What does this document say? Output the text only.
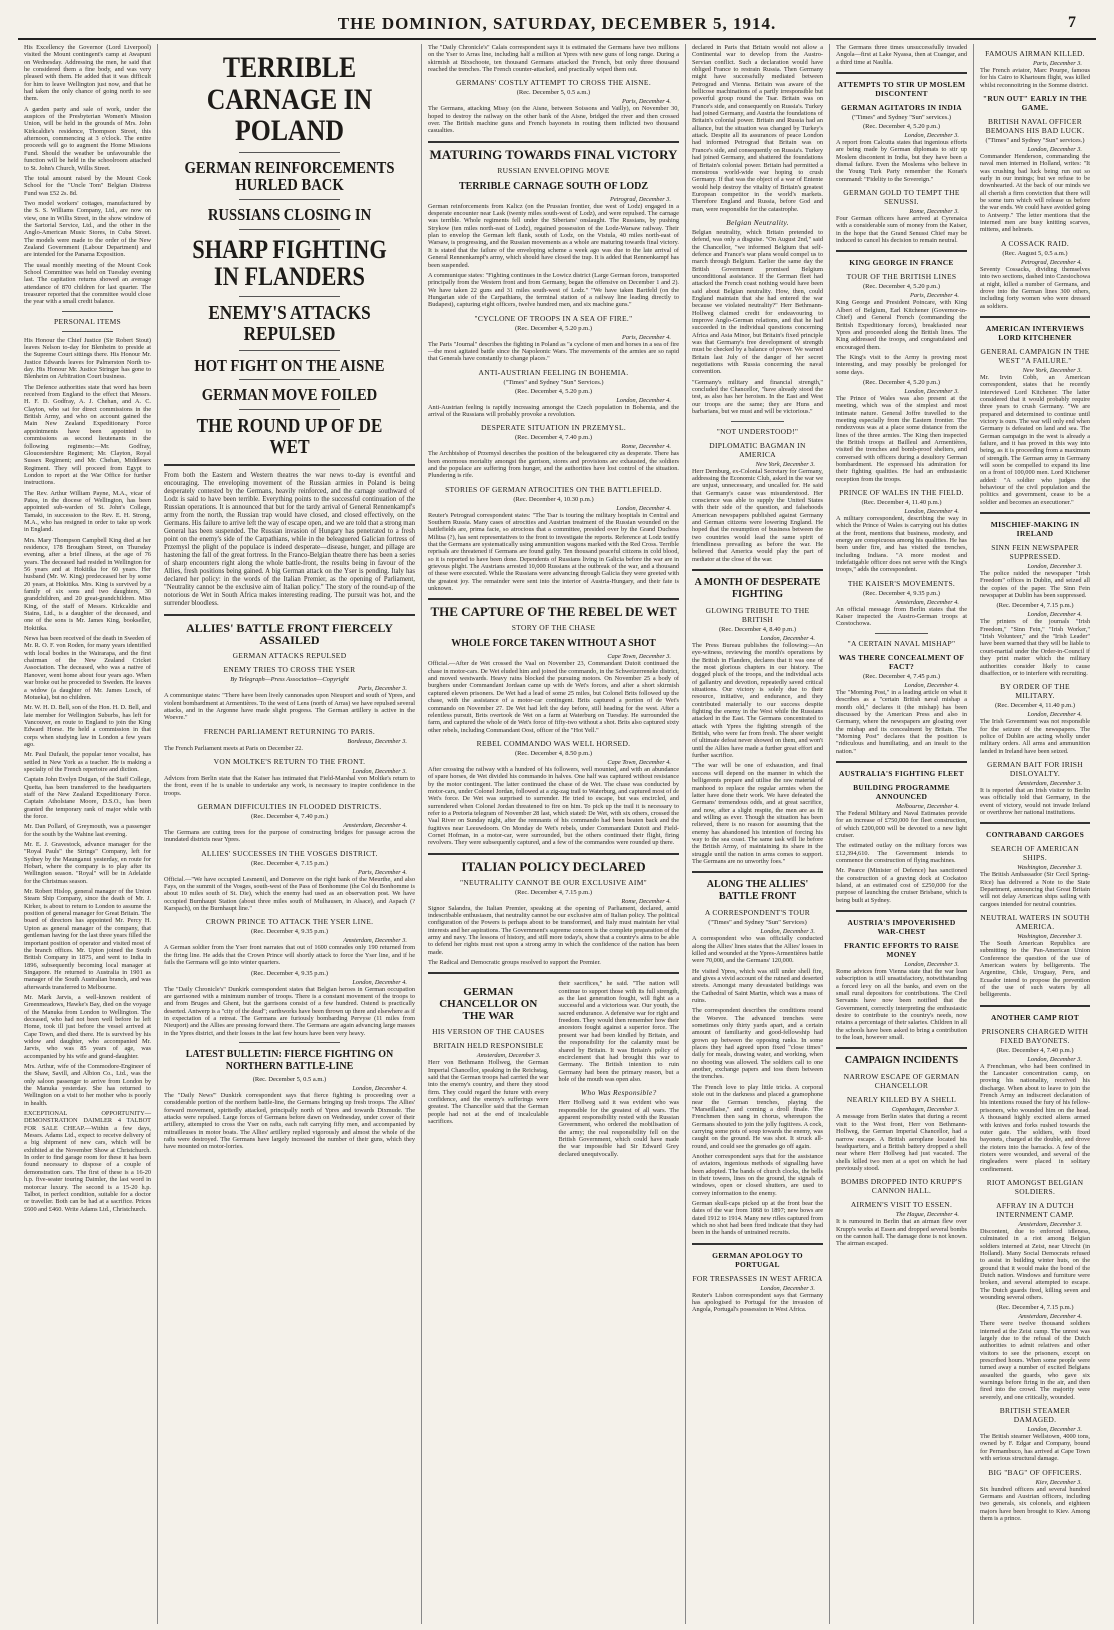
THE DOMINION, SATURDAY, DECEMBER 5, 1914.	7

His Excellency the Governor (Lord Liverpool) visited the Mount contingent's camp at Awapuni on Wednesday. Addressing the men, he said that he considered them a fine body, and was very pleased with them. He added that it was difficult for him to leave Wellington just now, and that he had taken the only chance of going north to see them.

A garden party and sale of work, under the auspices of the Presbyterian Women's Mission Union, will be held in the grounds of Mrs. John Kirkcaldie's residence, Thompson Street, this afternoon, commencing at 3 o'clock. The entire proceeds will go to augment the Home Missions Fund. Should the weather be unfavourable the function will be held in the schoolroom attached to St. John's Church, Willis Street.

The total amount raised by the Mount Cook School for the "Uncle Tom" Belgian Distress Fund was £52 2s. 8d.

Two model workers' cottages, manufactured by the S. S. Williams Company, Ltd., are now on view, one in Willis Street, in the show window of the Sartorial Service, Ltd., and the other in the Anglo-American Music Stores, in Cuba Street. The models were made to the order of the New Zealand Government (Labour Department) and are intended for the Panama Exposition.

The usual monthly meeting of the Mount Cook School Committee was held on Tuesday evening last. The capitation returns showed an average attendance of 870 children for last quarter. The treasurer reported that the committee would close the year with a small credit balance.

PERSONAL ITEMS

His Honour the Chief Justice (Sir Robert Stout) leaves Nelson to-day for Blenheim to preside at the Supreme Court sittings there. His Honour Mr. Justice Edwards leaves for Palmerston North to-day. His Honour Mr. Justice Stringer has gone to Blenheim on Arbitration Court business.

The Defence authorities state that word has been received from England to the effect that Messrs. H. F. D. Godfray, A. J. Chehan, and A. C. Clayton, who sat for direct commissions in the British Army, and who on account gained the Main New Zealand Expeditionary Force appointments have been appointed to commissions as second lieutenants in the following regiments:—Mr. Godfray, Gloucestershire Regiment; Mr. Clayton, Royal Sussex Regiment; and Mr. Chehan, Middlesex Regiment. They will proceed from Egypt to London to report at the War Office for further instructions.

The Rev. Arthur William Payne, M.A., vicar of Patea, in the diocese of Wellington, has been appointed sub-warden of St. John's College, Tamaki, in succession to the Rev. E. H. Strong, M.A., who has resigned in order to take up work in England.

Mrs. Mary Thompson Campbell King died at her residence, 178 Brougham Street, on Thursday evening, after a brief illness, at the age of 76 years. The deceased had resided in Wellington for 56 years and at Hokitika for 60 years. Her husband (Mr. W. King) predeceased her by some 20 years, at Hokitika. Mrs. King is survived by a family of six sons and two daughters, 30 grandchildren, and 20 great-grandchildren. Miss King, of the staff of Messrs. Kirkcaldie and Stains, Ltd., is a daughter of the deceased, and one of the sons is Mr. James King, bookseller, Hokitika.

News has been received of the death in Sweden of Mr. R. O. F. von Roden, for many years identified with local bodies in the Wairarapa, and the first chairman of the New Zealand Cricket Association. The deceased, who was a native of Hanover, went home about four years ago. When war broke out he proceeded to Sweden. He leaves a widow (a daughter of Mr. James Losch, of Motueka), but no children.

Mr. W. H. D. Bell, son of the Hon. H. D. Bell, and late member for Wellington Suburbs, has left for Vancouver, en route to England to join the King Edward Horse. He held a commission in that corps when studying law in London a few years ago.

Mr. Paul Dufault, the popular tenor vocalist, has settled in New York as a teacher. He is making a specialty of the French repertoire and diction.

Captain John Evelyn Duigan, of the Staff College, Quetta, has been transferred to the headquarters staff of the New Zealand Expeditionary Force. Captain Atholstane Moore, D.S.O., has been granted the temporary rank of major while with the force.

Mr. Dan Pollard, of Greymouth, was a passenger for the south by the Wahine last evening.

Mr. E. J. Gravestock, advance manager for the "Royal Pauls" the Strings" Company, left for Sydney by the Maunganui yesterday, en route for Hobart, where the company is to play after its Wellington season. "Royal" will be in Adelaide for the Christmas season.

Mr. Robert Hislop, general manager of the Union Steam Ship Company, since the death of Mr. J. Kirker, is about to return to London to assume the position of general manager for Great Britain. The board of directors has appointed Mr. Percy H. Upton as general manager of the company, that gentleman having for the last three years filled the important position of operator and visited most of the branch offices. Mr. Upton joined the South British Company in 1875, and went to India in 1896, subsequently becoming local manager at Singapore. He returned to Australia in 1901 as manager of the South Australian branch, and was afterwards transferred to Melbourne.

Mr. Mark Jarvis, a well-known resident of Greenmeadows, Hawke's Bay, died on the voyage of the Manuka from London to Wellington. The deceased, who had not been well before he left Home, took ill just before the vessel arrived at Cape Town, and died there. He is survived by his widow and daughter, who accompanied Mr. Jarvis, who was 85 years of age, was accompanied by his wife and grand-daughter.

Mrs. Arthur, wife of the Commodore-Engineer of the Shaw, Savill, and Albion Co., Ltd., was the only saloon passenger to arrive from London by the Manuka yesterday. She has returned to Wellington on a visit to her mother who is poorly in health.

EXCEPTIONAL OPPORTUNITY—DEMONSTRATION DAIMLER 4 TALBOT FOR SALE CHEAP.—Within a few days, Messrs. Adams Ltd., expect to receive delivery of a big shipment of new cars, which will be exhibited at the November Show at Christchurch. In order to find garage room for these it has been found necessary to dispose of a couple of demonstration cars. The first of these is a 16-20 h.p. five-seater touring Daimler, the last word in motorcar luxury. The second is a 15-20 h.p. Talbot, in perfect condition, suitable for a doctor or traveller. Both can be had at a sacrifice. Prices £600 and £460. Write Adams Ltd., Christchurch.

TERRIBLE CARNAGE IN POLAND
GERMAN REINFORCEMENTS HURLED BACK
RUSSIANS CLOSING IN
SHARP FIGHTING IN FLANDERS
ENEMY'S ATTACKS REPULSED
HOT FIGHT ON THE AISNE
GERMAN MOVE FOILED
THE ROUND UP OF DE WET

From both the Eastern and Western theatres the war news to-day is eventful and encouraging. The enveloping movement of the Russian armies in Poland is being desperately contested by the Germans, heavily reinforced, and the carnage southward of Lodz is said to have been terrible. Everything points to the successful continuation of the Russian operations. It is announced that but for the tardy arrival of General Rennenkampf's army from the north, the Russian trap would have closed, and closed effectively, on the Germans. His failure to arrive left the way of escape open, and we are told that a strong man General has been suspended. The Russian invasion of Hungary has penetrated to a fresh point on the enemy's side of the Carpathians, while in the beleaguered Galician fortress of Przemysl the plight of the populace is indeed desperate—disease, hunger, and pillage are hastening the fall of the great fortress. In the Franco-Belgian theatre there has been a series of sharp encounters right along the whole battle-front, the results being in favour of the Allies, fresh positions being gained. A big German attack on the Yser is pending. Italy has declared her policy: in the words of the Italian Premier, as the opening of Parliament, "Neutrality cannot be the exclusive aim of Italian policy." The story of the round-up of the notorious de Wet in South Africa makes interesting reading. The pursuit was hot, and the surrender bloodless.

ALLIES' BATTLE FRONT FIERCELY ASSAILED
GERMAN ATTACKS REPULSED
ENEMY TRIES TO CROSS THE YSER
By Telegraph—Press Association—Copyright
Paris, December 3.

A communique states: "There have been lively cannonades upon Nieuport and south of Ypres, and violent bombardment at Armentières. To the west of Lens (north of Arras) we have repulsed several attacks, and in the Argonne have made slight progress. The German artillery is active in the Woevre."

FRENCH PARLIAMENT RETURNING TO PARIS.
Bordeaux, December 3.

The French Parliament meets at Paris on December 22.

VON MOLTKE'S RETURN TO THE FRONT.
London, December 3.

Advices from Berlin state that the Kaiser has intimated that Field-Marshal von Moltke's return to the front, even if he is unable to undertake any work, is necessary to inspire confidence in the troops.

GERMAN DIFFICULTIES IN FLOODED DISTRICTS.
(Rec. December 4, 7.40 p.m.)
Amsterdam, December 4.

The Germans are cutting trees for the purpose of constructing bridges for passage across the inundated districts near Ypres.

ALLIES' SUCCESSES IN THE VOSGES DISTRICT.
(Rec. December 4, 7.15 p.m.)
Paris, December 4.

Official.—"We have occupied Lesmenil, and Domevre on the right bank of the Meurthe, and also Fays, on the summit of the Vosges, south-west of the Pass of Bonhomme (the Col du Bonhomme is about 10 miles south of St. Die), which the enemy had used as an observation post. We have occupied Burnhaupt Station (about three miles south of Mulhausen, in Alsace), and Aspach (? Karspach), on the Burnhaupt line."

CROWN PRINCE TO ATTACK THE YSER LINE.
(Rec. December 4, 9.35 p.m.)
Amsterdam, December 3.

A German soldier from the Yser front narrates that out of 1600 comrades only 190 returned from the firing line. He adds that the Crown Prince will shortly attack to force the Yser line, and if he fails the Germans will go into winter quarters.

(Rec. December 4, 9.35 p.m.)
London, December 4.

The "Daily Chronicle's" Dunkirk correspondent states that Belgian heroes in German occupation are garrisoned with a minimum number of troops. There is a constant movement of the troops to and from Bruges and Ghent, but the garrisons consist of a few hundred. Ostend is practically deserted. Antwerp is a "city of the dead"; earthworks have been thrown up there and elsewhere as if in expectation of a retreat. The Germans are furiously bombarding Pervyse (11 miles from Nieuport) and the Allies are pressing forward there. The Germans are again advancing large masses in the Ypres district, and their losses in the last few hours have been very heavy.

LATEST BULLETIN: FIERCE FIGHTING ON NORTHERN BATTLE-LINE
(Rec. December 5, 0.5 a.m.)
London, December 4.

The "Daily News'" Dunkirk correspondent says that fierce fighting is proceeding over a considerable portion of the northern battle-line, the Germans bringing up fresh troops. The Allies' forward movement, spiritedly attacked, principally north of Ypres and towards Dixmude. The attacks were repulsed. Large forces of Germans before dawn on Wednesday, under cover of their artillery, attempted to cross the Yser on rafts, each raft carrying fifty men, and accompanied by mitrailleuses in motor boats. The Allies' artillery replied vigorously and almost the whole of the rafts were destroyed. The Germans have largely increased the number of their guns, which they have mounted on motor-lorries.

The "Daily Chronicle's" Calais correspondent says it is estimated the Germans have two millions on the Yser to Arras line, including half a million at Ypres with new guns of long range. During a skirmish at Bixschoote, ten thousand Germans attacked the French, but only three thousand reached the trenches. The French counter-attacked, and practically wiped them out.

GERMANS' COSTLY ATTEMPT TO CROSS THE AISNE.
(Rec. December 5, 0.5 a.m.)
Paris, December 4.

The Germans, attacking Missy (on the Aisne, between Soissons and Vailly), on November 30, hoped to destroy the railway on the other bank of the Aisne, bridged the river and then crossed over. The British machine guns and French bayonets in routing them inflicted two thousand casualties.

MATURING TOWARDS FINAL VICTORY
RUSSIAN ENVELOPING MOVE
TERRIBLE CARNAGE SOUTH OF LODZ
Petrograd, December 3.

German reinforcements from Kalicz (on the Prussian frontier, due west of Lodz) engaged in a desperate encounter near Lask (twenty miles south-west of Lodz), and were repulsed. The carnage was terrible. Whole regiments fell under the Siberians' onslaught. The Russians, by pushing Strykow (ten miles north-east of Lodz), regained possession of the Lodz-Warsaw railway. Their plan to envelop the German left flank, south of Lodz, on the Vistula, 40 miles north-east of Warsaw, is progressing, and the Russian movements as a whole are maturing towards final victory. It is stated that the failure of the enveloping scheme a week ago was due to the late arrival of General Rennenkampf's army, which should have closed the trap. It is added that Rennenkampf has been suspended.

A communique states: "Fighting continues in the Lowicz district (Large German forces, transported principally from the Western front and from Germany, began the offensive on December 1 and 2). We have taken 22 guns and 31 miles south-west of Lodz." "We have taken Bartfeld (on the Hungarian side of the Carpathians, the terminal station of a railway line leading directly to Budapest), capturing eight officers, twelve hundred men, and six machine guns."

"CYCLONE OF TROOPS IN A SEA OF FIRE."
(Rec. December 4, 5.20 p.m.)
Paris, December 4.

The Paris "Journal" describes the fighting in Poland as "a cyclone of men and horses in a sea of fire—the most agitated battle since the Napoleonic Wars. The movements of the armies are so rapid that Generals have constantly to change places."

ANTI-AUSTRIAN FEELING IN BOHEMIA.
("Times" and Sydney "Sun" Services.)
(Rec. December 4, 5.20 p.m.)
London, December 4.

Anti-Austrian feeling is rapidly increasing amongst the Czech population in Bohemia, and the arrival of the Russians will probably provoke a revolution.

DESPERATE SITUATION IN PRZEMYSL.
(Rec. December 4, 7.40 p.m.)
Rome, December 4.

The Archbishop of Przemysl describes the position of the beleaguered city as desperate. There has been enormous mortality amongst the garrison, stores and provisions are exhausted, the soldiers and the populace are suffering from hunger, and the authorities have lost control of the situation. Plundering is rife.

STORIES OF GERMAN ATROCITIES ON THE BATTLEFIELD.
(Rec. December 4, 10.30 p.m.)
London, December 4.

Reuter's Petrograd correspondent states: "The Tsar is touring the military hospitals in Central and Southern Russia. Many cases of atrocities and Austrian treatment of the Russian wounded on the battlefields are, prima facie, so atrocious that a committee, presided over by the Grand Duchess Militsa (?), has sent representatives to the front to investigate the reports. Reference at Lodz testify that the Germans are systematically using ammunition wagons marked with the Red Cross. Terrible reprisals are threatened if Germans are found guilty. Ten thousand peaceful citizens in cold blood, so it is reported to have been done. Dependents of Russians living in Galicia before the war are in grievous plight. The Austrians arrested 10,000 Russians at the outbreak of the war, and a thousand of these were executed. While the Russians were advancing through Galicia they were greeted with the greatest joy. The remainder were sent into the interior of Austria-Hungary, and their fate is unknown.

THE CAPTURE OF THE REBEL DE WET
STORY OF THE CHASE
WHOLE FORCE TAKEN WITHOUT A SHOT
Cape Town, December 3.

Official.—After de Wet crossed the Vaal on November 23, Commandant Dutoit continued the chase in motor-cars. De Wet eluded him and joined the commando, in the Schweizerreneke district, and moved westwards. Heavy rains blocked the pursuing motors. On November 25 a body of burghers under Commandant Jordaan came up with de Wet's forces, and after a short skirmish captured eleven prisoners. De Wet had a lead of some 25 miles, but Colonel Brits followed up the chase, with the assistance of a motor-car contingent. Brits captured a portion of de Wet's commando on November 27. De Wet had left the day before, still heading for the west. After a relentless pursuit, Brits overtook de Wet on a farm at Waterburg on Tuesday. He surrounded the farm, and captured the whole of de Wet's force of fifty-two without a shot. Brits also captured sixty other rebels, including Commandant Oost, officer of the "Hot Yell."

REBEL COMMANDO WAS WELL HORSED.
(Rec. December 4, 8.50 p.m.)
Cape Town, December 4.

After crossing the railway with a hundred of his followers, well mounted, and with an abundance of spare horses, de Wet divided his commando in halves. One half was captured without resistance by the motor contingent. The latter continued the chase of de Wet. The chase was conducted by motor-cars, under Colonel Jordan, followed at a zig-zag trail to Waterburg, and captured most of de Wet's force. De Wet was surprised to surrender. He tried to escape, but was encircled, and surrendered when Colonel Jordan threatened to fire on him. To pick up the trail it is necessary to refer to a Pretoria telegram of November 28 last, which stated: De Wet, with six others, crossed the Vaal River on Sunday night, after the remnants of his commando had been beaten back and the fugitives near Leeuwdoorn. On Monday de Wet's rebels, under Commandant Dutoit and Field-Cornet Hofman, in a motor-car, were surrounded, but the others continued their flight, firing revolvers. They were subsequently captured, and a few of the commandos were rounded up there.

ITALIAN POLICY DECLARED
"NEUTRALITY CANNOT BE OUR EXCLUSIVE AIM"
(Rec. December 4, 7.15 p.m.)
Rome, December 4.

Signor Salandra, the Italian Premier, speaking at the opening of Parliament, declared, amid indescribable enthusiasm, that neutrality cannot be our exclusive aim of Italian policy. The political configuration of the Powers is perhaps about to be transformed, and Italy must maintain her vital interests and her aspirations. The Government's supreme concern is the complete preparation of the army and navy. The lessons of history, and still more today's, show that a country's aims to be able to defend her rights must rest upon a strong army in which the confidence of the nation has been made.

The Radical and Democratic groups resolved to support the Premier.

GERMAN CHANCELLOR ON THE WAR
HIS VERSION OF THE CAUSES
BRITAIN HELD RESPONSIBLE
Amsterdam, December 3.

Herr von Bethmann Hollweg, the German Imperial Chancellor, speaking in the Reichstag, said that the German troops had carried the war into the enemy's country, and there they stood firm. They could regard the future with every confidence, and the enemy's sufferings were greatest. The Chancellor said that the German people had not at the end of incalculable sacrifices.

their sacrifices," he said. "The nation will continue to support those with its full strength, as the last generation fought, will fight as a successful and a victorious war. Our youth, the sacred endurance. A defensive war for right and freedom. They would then remember how their ancestors fought against a superior force. The present war had been kindled by Britain, and the responsibility for the calamity must be shared by Britain. It was Britain's policy of encirclement that had brought this war to Germany. The British intention to ruin Germany had been the primary reason, but a hole of the mouth was open also.

Who Was Responsible?

Herr Hollweg said it was evident who was responsible for the greatest of all wars. The apparent responsibility rested with the Russian Government, who ordered the mobilisation of the army; the real responsibility fell on the British Government, which could have made the war impossible had Sir Edward Grey declared unequivocally.

declared in Paris that Britain would not allow a Continental war to develop from the Austro-Servian conflict. Such a declaration would have obliged France to restrain Russia. Then Germany might have successfully mediated between Petrograd and Vienna. Britain was aware of the bellicose machinations of a partly irresponsible but powerful group round the Tsar. Britain was on France's side, and consequently on Russia's. Turkey had joined Germany, and Austria the foundations of Britain's colonial power. Britain and Russia had an alliance, but the situation was changed by Turkey's attack. Despite all its assurances of peace London had informed Petrograd that Britain was on France's side, and consequently on Russia's. Turkey had joined Germany, and shattered the foundations of Britain's colonial power. Britain had permitted a monstrous world-wide war hoping to crush Germany. If that was the object of a war of Entente would help destroy the vitality of Britain's greatest European competitor in the world's markets. Therefore England and Russia, before God and man, were responsible for the catastrophe.

Belgian Neutrality.

Belgian neutrality, which Britain pretended to defend, was only a disguise. "On August 2nd," said the Chancellor, "we informed Belgium that self-defence and France's war plans would compel us to march through Belgium. Earlier the same day the British Government promised Belgium unconditional assistance. If the German fleet had attacked the French coast nothing would have been said about Belgian neutrality. How, then, could England maintain that she had entered the war because we violated neutrality?" Herr Bethmann-Hollweg claimed credit for endeavouring to improve Anglo-German relations, and that he had succeeded in the individual questions concerning Africa and Asia Minor, but Britain's fixed principle was that Germany's free development of strength must be checked by a balance of power. We warned Britain last July of the danger of her secret negotiations with Russia concerning the naval convention.

"Germany's military and financial strength," concluded the Chancellor, "have already stood the test, as also has her heroism. In the East and West our troops are the same; they are Huns and barbarians, but we must and will be victorious."

"NOT UNDERSTOOD!"
DIPLOMATIC BAGMAN IN AMERICA
New York, December 3.

Herr Dernburg, ex-Colonial Secretary for Germany, addressing the Economic Club, asked in the war we are unjust, unnecessary, and uncalled for. He said that Germany's cause was misunderstood. Her conscience was able to supply the United States with their side of the question, and falsehoods American newspapers published against Germany and German citizens were lowering England. He hoped that the resumption of business between the two countries would lead the same spirit of friendliness prevailing as before the war. He believed that America would play the part of mediator at the close of the war.

A MONTH OF DESPERATE FIGHTING
GLOWING TRIBUTE TO THE BRITISH
(Rec. December 4, 8.40 p.m.)
London, December 4.

The Press Bureau publishes the following:—An eye-witness, reviewing the month's operations by the British in Flanders, declares that it was one of the most glorious chapters in our history. The dogged pluck of the troops, and the individual acts of gallantry and devotion, repeatedly saved critical situations. Our victory is solely due to their resource, initiative, and endurance, and they contributed materially to our success despite fighting the enemy in the West while the Russians attacked in the East. The Germans concentrated to attack with Ypres the fighting strength of the British, who were far from fresh. The sheer weight of ultimate defeat never showed on them, and won't until the Allies have made a further great effort and further sacrifice.

"The war will be one of exhaustion, and final success will depend on the manner in which the belligerents prepare and utilise the raw material of manhood to replace the regular armies when the latter have done their work. We have defeated the Germans' tremendous odds, and at great sacrifice, and now, after a slight respite, the men are as fit and willing as ever. Though the situation has been relieved, there is no reason for assuming that the enemy has abandoned his intention of forcing his way to the sea coast. The same task will lie before the British Army, of maintaining its share in the struggle until the nation in arms comes to support. The Germans are no unworthy foes."

ALONG THE ALLIES' BATTLE FRONT
A CORRESPONDENT'S TOUR
("Times" and Sydney "Sun" Services)
London, December 3.

A correspondent who was officially conducted along the Allies' lines states that the Allies' losses in killed and wounded at the Ypres-Armentières battle were 70,000, and the Germans' 120,000.

He visited Ypres, which was still under shell fire, and gives a vivid account of the ruined and deserted streets. Amongst many devastated buildings was the Cathedral of Saint Martin, which was a mass of ruins.

The correspondent describes the conditions round the Woevre. The advanced trenches were sometimes only thirty yards apart, and a certain amount of familiarity and good-fellowship had grown up between the opposing ranks. In some places they had agreed upon fixed "close times" daily for meals, drawing water, and working, when no shooting was allowed. The soldiers call to one another, exchange papers and toss them between the trenches.

The French love to play little tricks. A corporal stole out in the darkness and placed a gramophone near the German trenches, playing the "Marseillaise," and coming a droll finale. The Frenchmen then sang in chorus, whereupon the Germans shouted to join the jolly fugitives. A cock, carrying some pots of soup towards the enemy, was caught on the ground. He was shot. It struck all-round, and could see the grenades go off again.

Another correspondent says that for the assistance of aviators, ingenious methods of signalling have been adopted. The bands of church clocks, the bells in their towers, lines on the ground, the signals of windows, open or closed shutters, are used to convey information to the enemy.

German skull-caps picked up at the front bear the dates of the war from 1868 to 1897; new bows are dated 1912 to 1914. Many new rifles captured from which no shot had been fired indicate that they had been in the hands of untrained recruits.

GERMAN APOLOGY TO PORTUGAL
FOR TRESPASSES IN WEST AFRICA
London, December 3.

Reuter's Lisbon correspondent says that Germany has apologised to Portugal for the invasion of Angola, Portugal's possession in West Africa.

The Germans three times unsuccessfully invaded Angola—first at Lake Nyassa, then at Cuangar, and a third time at Naulila.

ATTEMPTS TO STIR UP MOSLEM DISCONTENT
GERMAN AGITATORS IN INDIA
("Times" and Sydney "Sun" services.)
(Rec. December 4, 5.20 p.m.)
London, December 3.

A report from Calcutta states that ingenious efforts are being made by German diplomats to stir up Moslem discontent in India, but they have been a dismal failure. Even the Moslems who believe in the Young Turk Party remember the Koran's command: "Fidelity to the Sovereign."

GERMAN GOLD TO TEMPT THE SENUSSI.
Rome, December 3.

Four German officers have arrived at Cyrenaica with a considerable sum of money from the Kaiser, in the hope that the Grand Senussi Chief may be induced to cancel his decision to remain neutral.

KING GEORGE IN FRANCE
TOUR OF THE BRITISH LINES
(Rec. December 4, 5.20 p.m.)
Paris, December 4.

King George and President Poincare, with King Albert of Belgium, Earl Kitchener (Governor-in-Chief) and General French (commanding the British Expeditionary forces), breakfasted near Ypres and proceeded along the British lines. The King addressed the troops, and congratulated and encouraged them.

The King's visit to the Army is proving most interesting, and may possibly be prolonged for some days.

(Rec. December 4, 5.20 p.m.)
London, December 3.

The Prince of Wales was also present at the meeting, which was of the simplest and most intimate nature. General Joffre travelled to the meeting especially from the Eastern frontier. The rendezvous was at a place some distance from the lines of the three armies. The King then inspected the British troops at Bailleul and Armentières, visited the trenches and bomb-proof shelters, and conversed with officers during a desultory German bombardment. He expressed his admiration for their fighting qualities. He had an enthusiastic reception from the troops.

PRINCE OF WALES IN THE FIELD.
(Rec. December 4, 11.40 p.m.)
London, December 4.

A military correspondent, describing the way in which the Prince of Wales is carrying out his duties at the front, mentions that business, modesty, and energy are conspicuous among his qualities. He has been under fire, and has visited the trenches, including Indians. "A more modest and indefatigable officer does not serve with the King's troops," adds the correspondent.

THE KAISER'S MOVEMENTS.
(Rec. December 4, 9.35 p.m.)
Amsterdam, December 4.

An official message from Berlin states that the Kaiser inspected the Austro-German troops at Czestochowa.

"A CERTAIN NAVAL MISHAP"
WAS THERE CONCEALMENT OF FACT?
(Rec. December 4, 7.45 p.m.)
London, December 4.

The "Morning Post," in a leading article on what it describes as a "certain British naval mishap a month old," declares it (the mishap) has been discussed by the American Press and also in Germany, where the newspapers are gloating over the mishap and its concealment by Britain. The "Morning Post" declares that the position is "ridiculous and humiliating, and an insult to the nation."

AUSTRALIA'S FIGHTING FLEET
BUILDING PROGRAMME ANNOUNCED
Melbourne, December 4.

The Federal Military and Naval Estimates provide for an increase of £750,000 for fleet construction, of which £200,000 will be devoted to a new light cruiser.

The estimated outlay on the military forces was £12,394,610. The Government intends to commence the construction of flying machines.

Mr. Pearce (Minister of Defence) has sanctioned the construction of a graving dock at Cockatoo Island, at an estimated cost of £250,000 for the purpose of launching the cruiser Brisbane, which is being built at Sydney.

AUSTRIA'S IMPOVERISHED WAR-CHEST
FRANTIC EFFORTS TO RAISE MONEY
London, December 3.

Rome advices from Vienna state that the war loan subscription is still unsatisfactory, notwithstanding a forced levy on all the banks, and even on the small rural depositors for contributions. The Civil Servants have now been notified that the Government, correctly interpreting the enthusiastic desire to contribute to the country's needs, now retains a percentage of their salaries. Children in all the schools have been asked to bring a contribution to the loan, however small.

CAMPAIGN INCIDENTS
NARROW ESCAPE OF GERMAN CHANCELLOR
NEARLY KILLED BY A SHELL
Copenhagen, December 3.

A message from Berlin states that during a recent visit to the West front, Herr von Bethmann-Hollweg, the German Imperial Chancellor, had a narrow escape. A British aeroplane located his headquarters, and a British battery dropped a shell near where Herr Hollweg had just vacated. The shells killed two men at a spot on which he had previously stood.

BOMBS DROPPED INTO KRUPP'S CANNON HALL.
AIRMEN'S VISIT TO ESSEN.
The Hague, December 4.

It is rumoured in Berlin that an airman flew over Krupp's works at Essen and dropped several bombs on the cannon hall. The damage done is not known. The airman escaped.

FAMOUS AIRMAN KILLED.
Paris, December 3.

The French aviator, Marc Pourpe, famous for his Cairo to Khartoum flight, was killed whilst reconnoitring in the Somme district.

"RUN OUT" EARLY IN THE GAME.
BRITISH NAVAL OFFICER BEMOANS HIS BAD LUCK.
("Times" and Sydney "Sun" services.)
London, December 3.

Commander Henderson, commanding the naval men interned in Holland, writes: "It was crushing bad luck being run out so early in our innings; but we refuse to be downhearted. At the back of our minds we all cherish a firm conviction that there will be some turn which will release us before the war ends. We could have avoided going to Antwerp." The letter mentions that the interned men are busy knitting scarves, mittens, and helmets.

A COSSACK RAID.
(Rec. August 5, 0.5 a.m.)
Petrograd, December 4.

Seventy Cossacks, dividing themselves into two sections, dashed into Czestochowa at night, killed a number of Germans, and drove into the German lines 300 others, including forty women who were dressed as soldiers.

AMERICAN INTERVIEWS LORD KITCHENER
GENERAL CAMPAIGN IN THE WEST "A FAILURE."
New York, December 3.

Mr. Irvin Cobb, an American correspondent, states that he recently interviewed Lord Kitchener. The latter considered that it would probably require three years to crush Germany. "We are prepared and determined to continue until victory is ours. The war will only end when Germany is defeated on land and sea. The German campaign in the west is already a failure, and it has proved in this way into being, as it is proceeding from a maximum of strength. The German army in Germany will soon be compelled to expand its line on a front of 100,000 men. Lord Kitchener added: "A soldier who judges the behaviour of the civil population and the politics and government, cease to be a soldier and becomes an executioner."

MISCHIEF-MAKING IN IRELAND
SINN FEIN NEWSPAPER SUPPRESSED.
London, December 3.

The police raided the newspaper "Irish Freedom" offices in Dublin, and seized all the copies of the paper. The Sinn Fein newspaper at Dublin has been suppressed.

(Rec. December 4, 7.15 p.m.)
London, December 4.

The printers of the journals "Irish Freedom," "Sinn Fein," "Irish Worker," "Irish Volunteer," and the "Irish Leader" have been warned that they will be liable to court-martial under the Order-in-Council if they print matter which the military authorities consider likely to cause disaffection, or to interfere with recruiting.

BY ORDER OF THE MILITARY.
(Rec. December 4, 11.40 p.m.)
London, December 4.

The Irish Government was not responsible for the seizure of the newspapers. The police of Dublin are acting wholly under military orders. All arms and ammunition landed in Ireland have been seized.

GERMAN BAIT FOR IRISH DISLOYALTY.
Amsterdam, December 3.

It is reported that an Irish visitor to Berlin was officially told that Germany, in the event of victory, would not invade Ireland or overthrow her national institutions.

CONTRABAND CARGOES
SEARCH OF AMERICAN SHIPS.
Washington, December 3.

The British Ambassador (Sir Cecil Spring-Rice) has delivered a Note to the State Department, announcing that Great Britain will not delay American ships sailing with cargoes intended for neutral countries.

NEUTRAL WATERS IN SOUTH AMERICA.
Washington, December 3.

The South American Republics are submitting to the Pan-American Union Conference the question of the use of American waters by belligerents. The Argentine, Chile, Uruguay, Peru, and Ecuador intend to propose the prevention of the use of such waters by all belligerents.

ANOTHER CAMP RIOT
PRISONERS CHARGED WITH FIXED BAYONETS.
(Rec. December 4, 7.40 p.m.)
London, December 3.

A Frenchman, who had been confined in the Lancaster concentration camp, on proving his nationality, received his discharge. When about to leave to join the French Army an indiscreet declaration of his intentions roused the fury of his fellow-prisoners, who wounded him on the head. A thousand highly excited aliens armed with knives and forks rushed towards the outer gate. The soldiers, with fixed bayonets, charged at the double, and drove the rioters into the barracks. A few of the rioters were wounded, and several of the ringleaders were placed in solitary confinement.

RIOT AMONGST BELGIAN SOLDIERS.
AFFRAY IN A DUTCH INTERNMENT CAMP.
Amsterdam, December 3.

Discontent, due to enforced idleness, culminated in a riot among Belgian soldiers interned at Zeist, near Utrecht (in Holland). Many Social Democrats refused to assist in building winter huts, on the ground that it would make the bond of the Dutch nation. Windows and furniture were broken, and several attempted to escape. The Dutch guards fired, killing seven and wounding several others.

(Rec. December 4, 7.15 p.m.)
Amsterdam, December 4.

There were twelve thousand soldiers interned at the Zeist camp. The unrest was largely due to the refusal of the Dutch authorities to admit relatives and other visitors to see the prisoners, except on prescribed hours. When some people were turned away a number of excited Belgians assaulted the guards, who gave six warnings before firing in the air, and then fired into the crowd. The majority were severely, and one critically, wounded.

BRITISH STEAMER DAMAGED.
London, December 3.

The British steamer Wellstown, 4000 tons, owned by F. Edgar and Company, bound for Pernambuco, has arrived at Cape Town with serious structural damage.

BIG "BAG" OF OFFICERS.
Kiev, December 3.

Six hundred officers and several hundred Germans and Austrian officers, including two generals, six colonels, and eighteen majors have been brought to Kiev. Among them is a prince.
